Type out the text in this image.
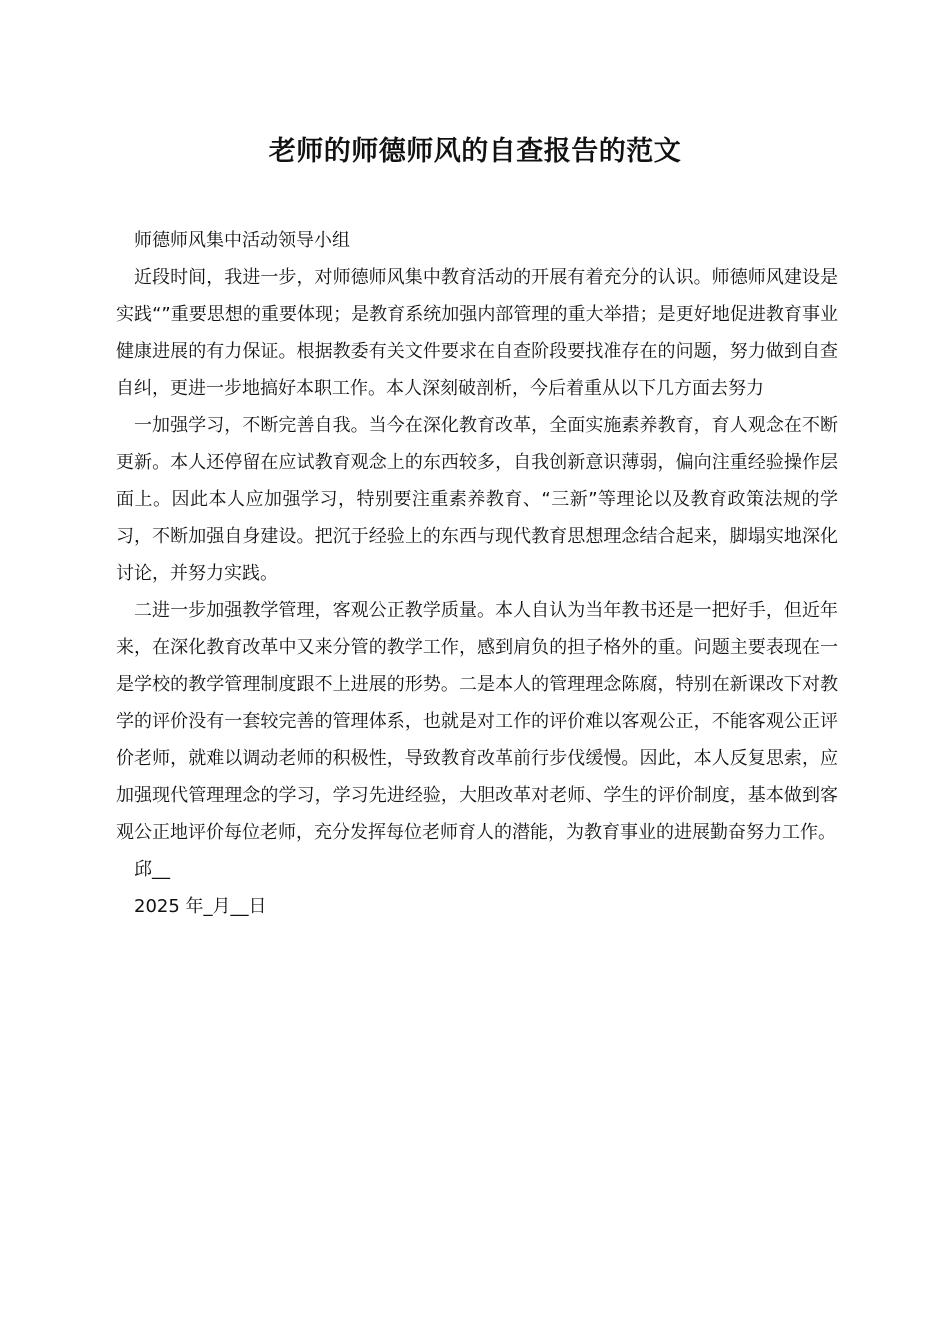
老师的师德师风的自查报告的范文

师德师风集中活动领导小组

近段时间，我进一步，对师德师风集中教育活动的开展有着充分的认识。师德师风建设是实践“”重要思想的重要体现；是教育系统加强内部管理的重大举措；是更好地促进教育事业健康进展的有力保证。根据教委有关文件要求在自查阶段要找准存在的问题，努力做到自查自纠，更进一步地搞好本职工作。本人深刻破剖析，今后着重从以下几方面去努力

一加强学习，不断完善自我。当今在深化教育改革，全面实施素养教育，育人观念在不断更新。本人还停留在应试教育观念上的东西较多，自我创新意识薄弱，偏向注重经验操作层面上。因此本人应加强学习，特别要注重素养教育、“三新”等理论以及教育政策法规的学习，不断加强自身建设。把沉于经验上的东西与现代教育思想理念结合起来，脚塌实地深化讨论，并努力实践。

二进一步加强教学管理，客观公正教学质量。本人自认为当年教书还是一把好手，但近年来，在深化教育改革中又来分管的教学工作，感到肩负的担子格外的重。问题主要表现在一是学校的教学管理制度跟不上进展的形势。二是本人的管理理念陈腐，特别在新课改下对教学的评价没有一套较完善的管理体系，也就是对工作的评价难以客观公正，不能客观公正评价老师，就难以调动老师的积极性，导致教育改革前行步伐缓慢。因此，本人反复思索，应加强现代管理理念的学习，学习先进经验，大胆改革对老师、学生的评价制度，基本做到客观公正地评价每位老师，充分发挥每位老师育人的潜能，为教育事业的进展勤奋努力工作。

邱__

2025 年_月__日
